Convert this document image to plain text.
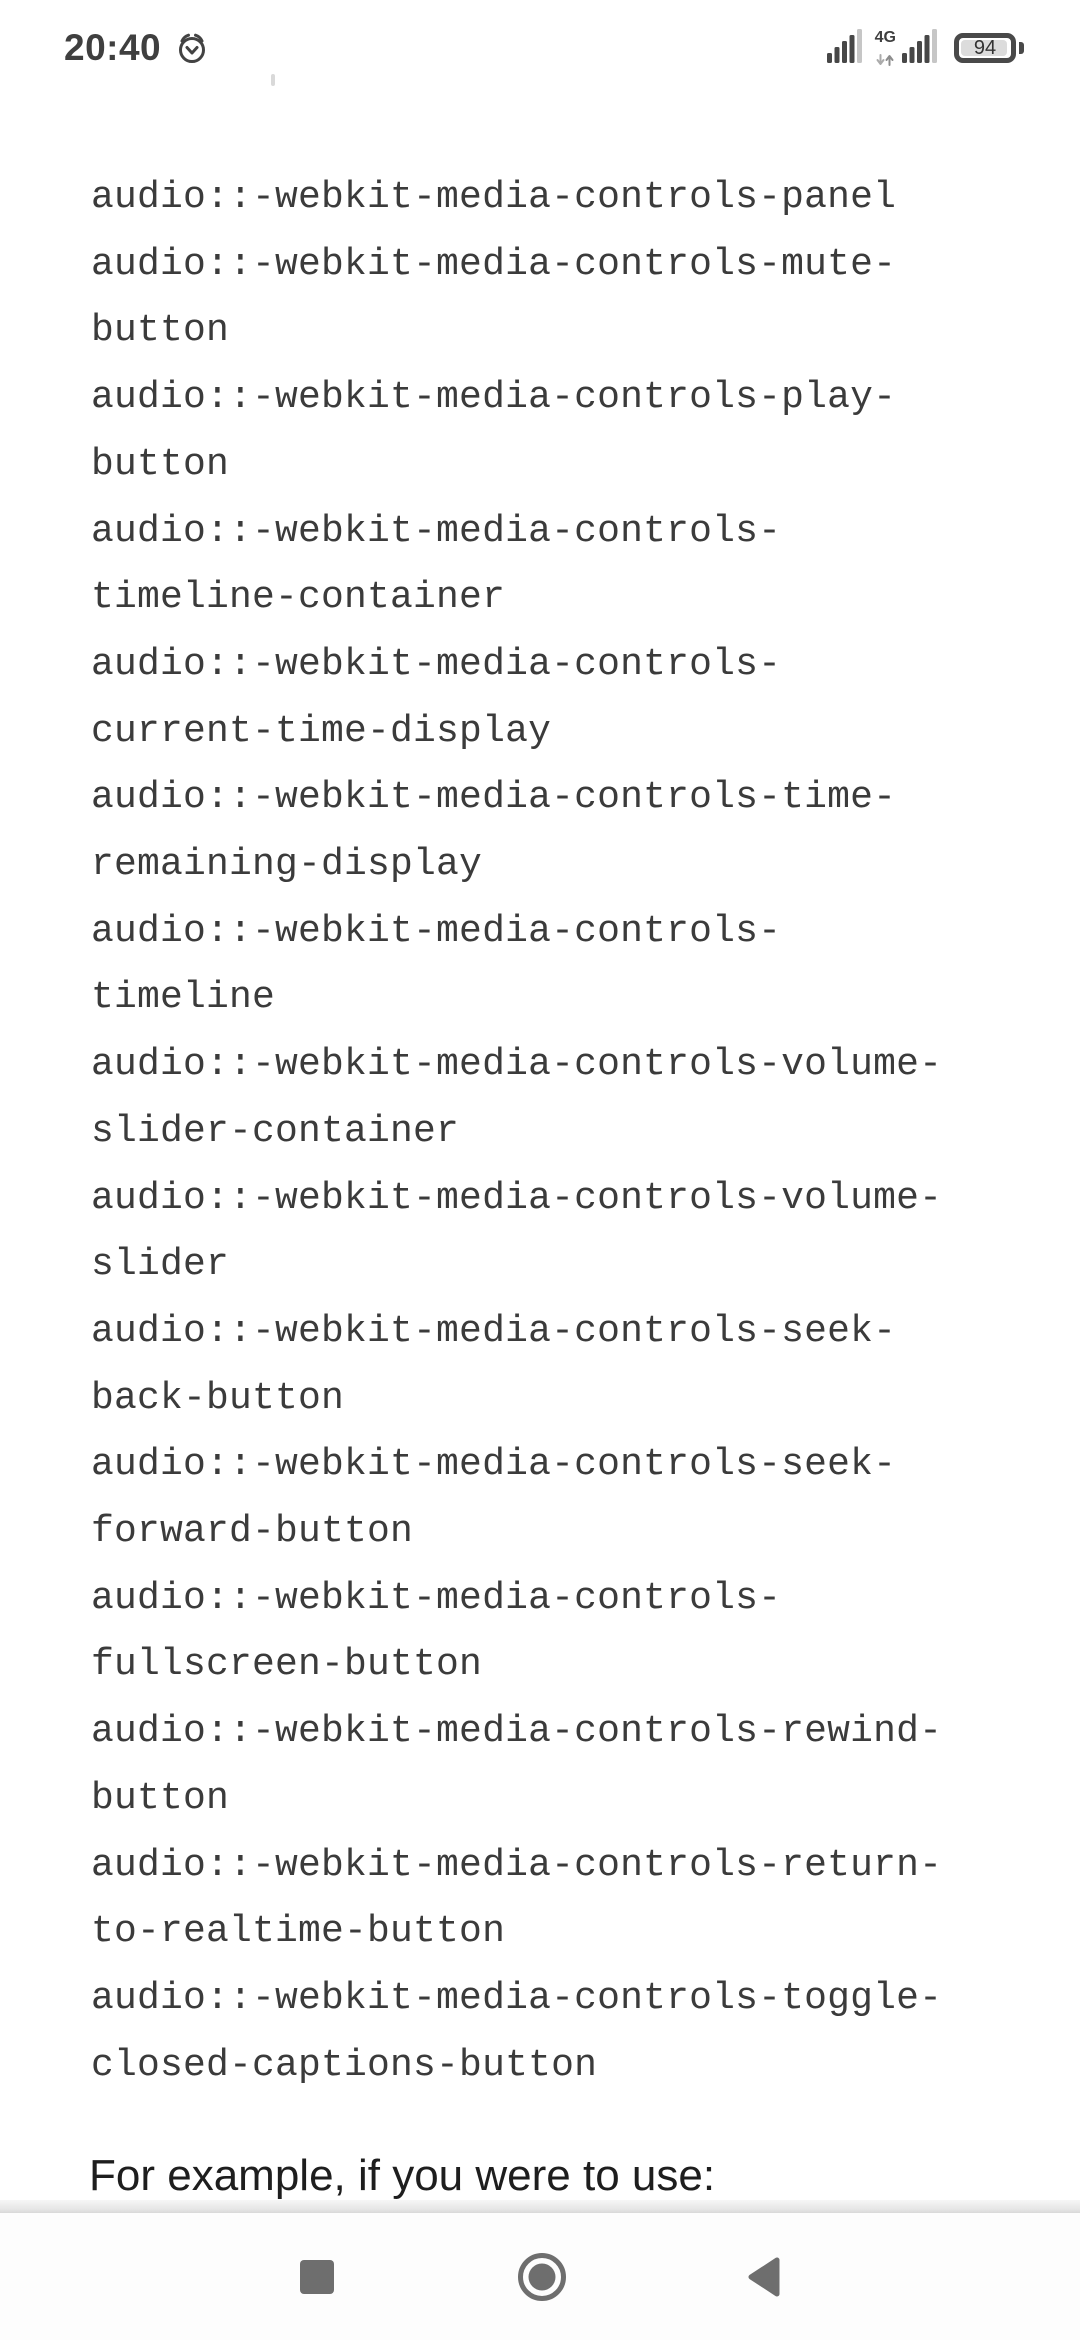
20:40	4G	94
audio::-webkit-media-controls-panel
audio::-webkit-media-controls-mute-button
audio::-webkit-media-controls-play-button
audio::-webkit-media-controls-timeline-container
audio::-webkit-media-controls-current-time-display
audio::-webkit-media-controls-time-remaining-display
audio::-webkit-media-controls-timeline
audio::-webkit-media-controls-volume-slider-container
audio::-webkit-media-controls-volume-slider
audio::-webkit-media-controls-seek-back-button
audio::-webkit-media-controls-seek-forward-button
audio::-webkit-media-controls-fullscreen-button
audio::-webkit-media-controls-rewind-button
audio::-webkit-media-controls-return-to-realtime-button
audio::-webkit-media-controls-toggle-closed-captions-button

For example, if you were to use:
